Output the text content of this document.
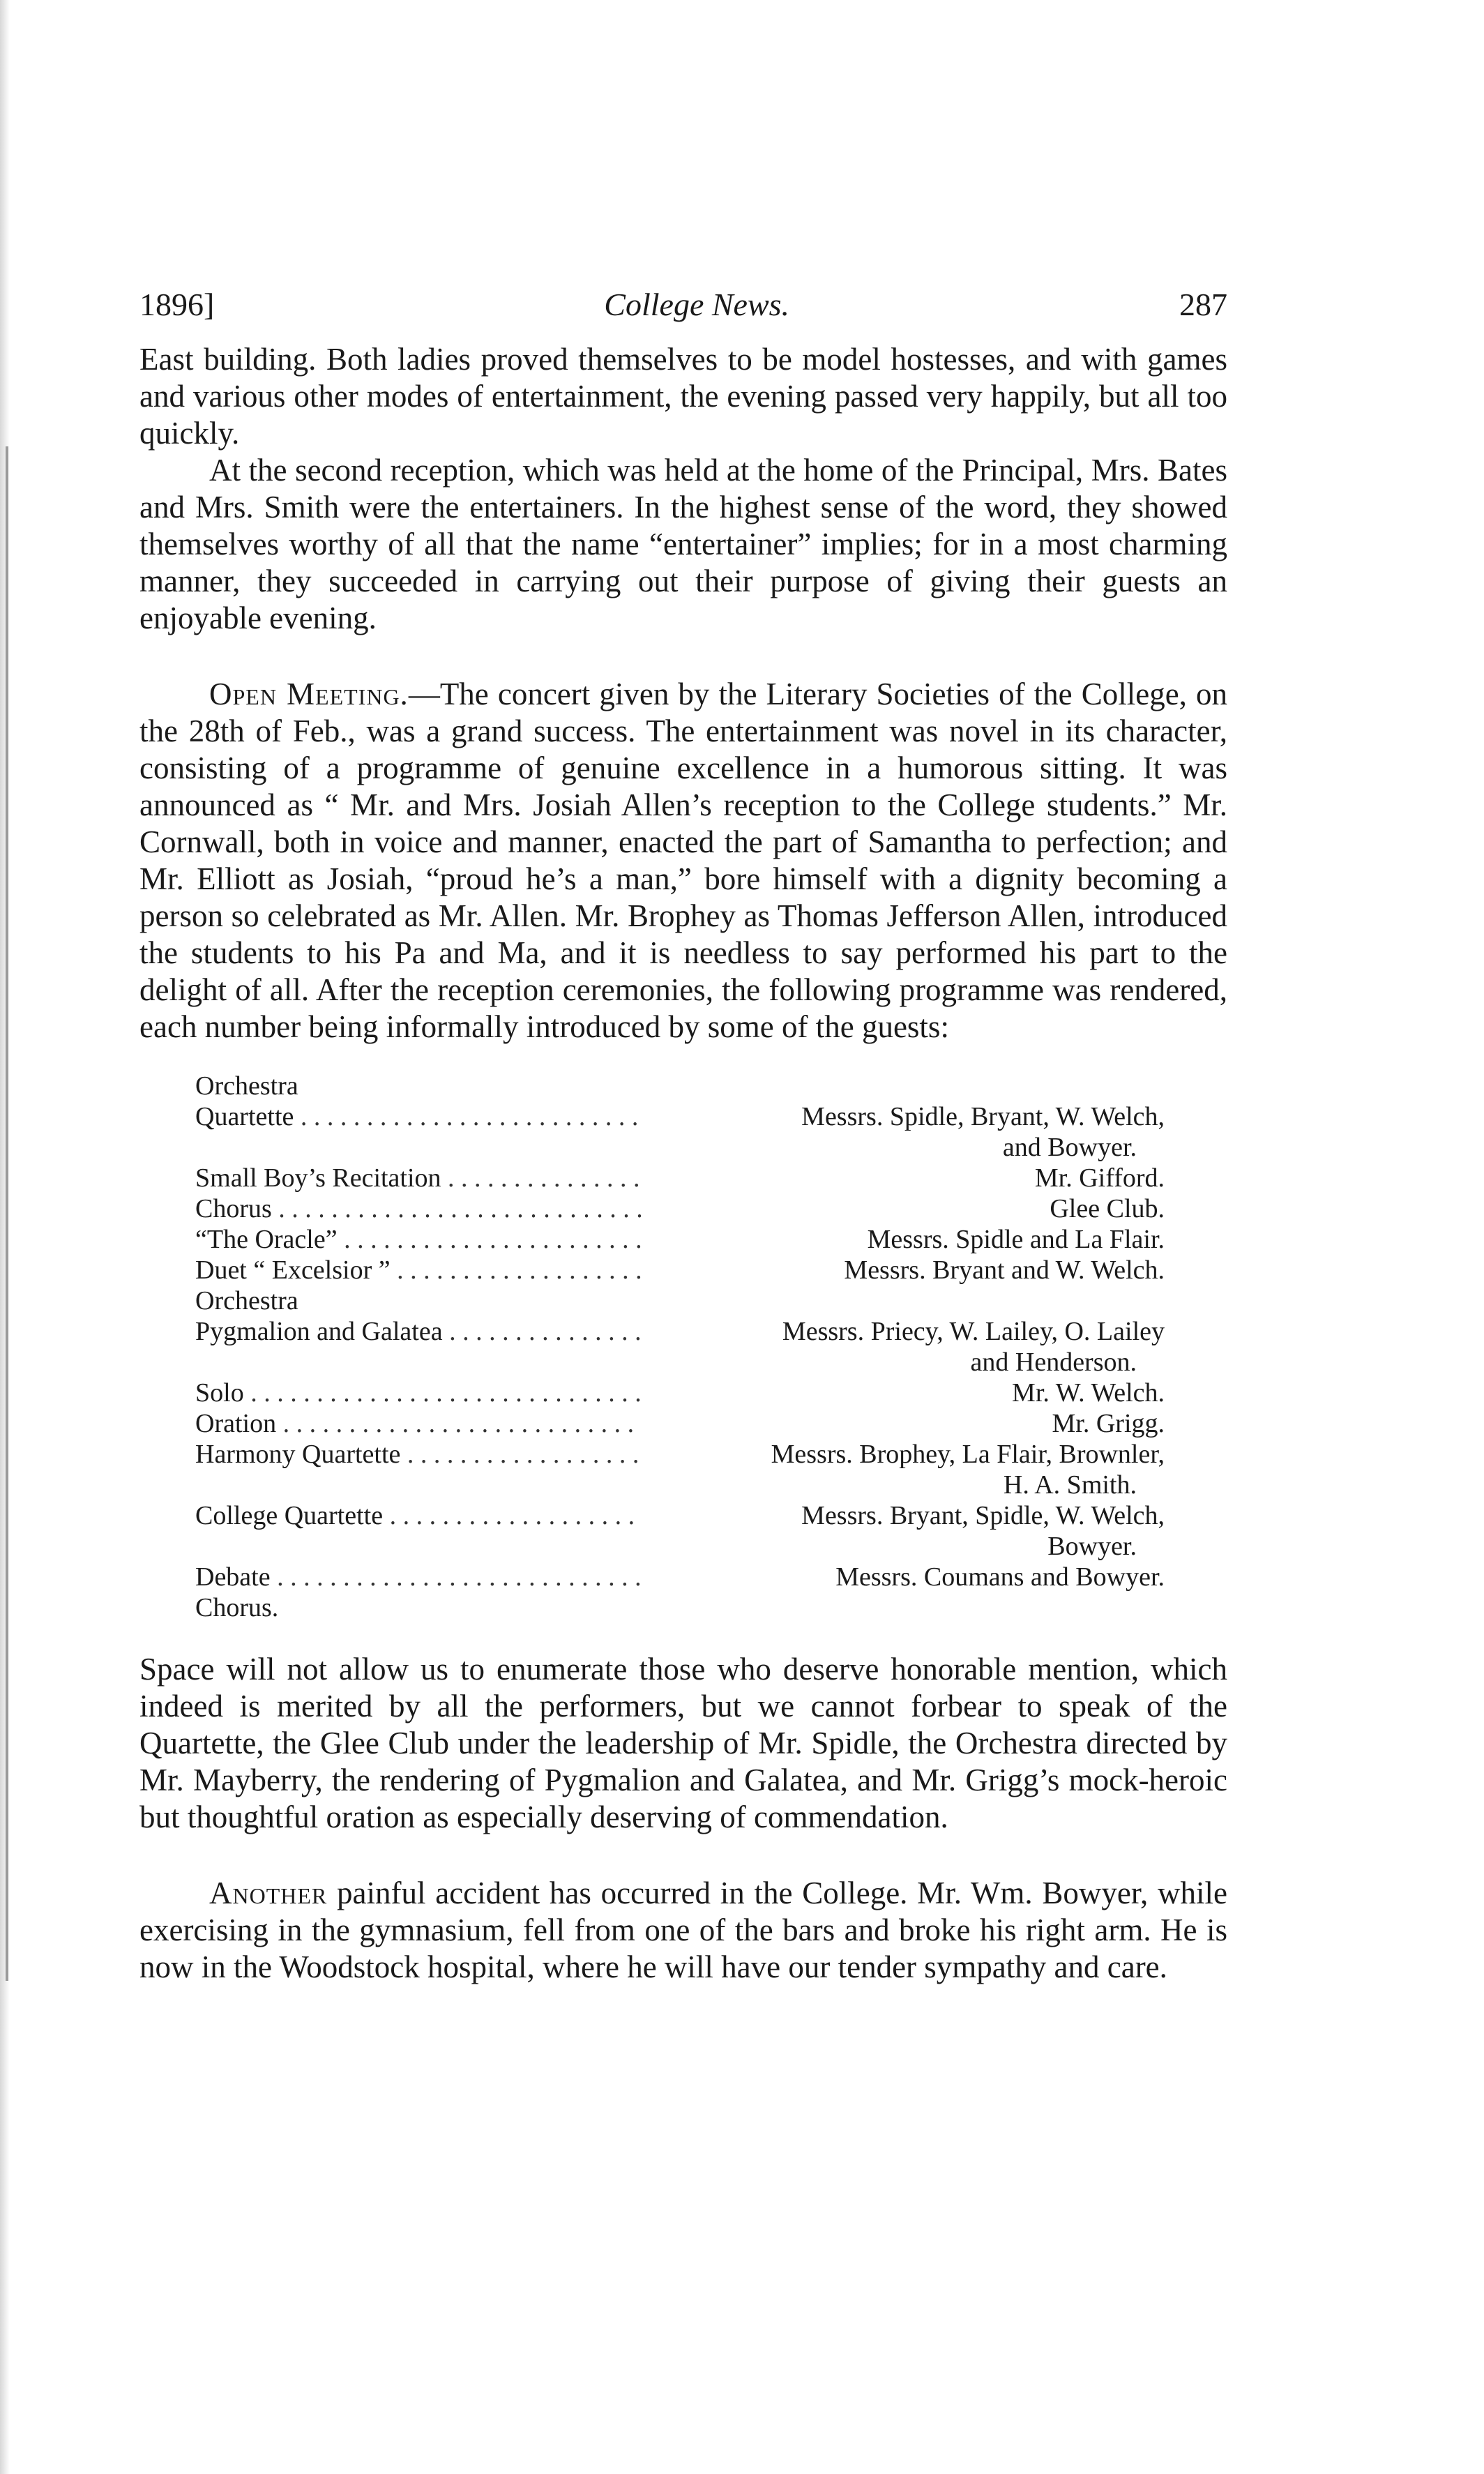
1896]	College News.	287

East building. Both ladies proved themselves to be model hostesses, and with games and various other modes of entertainment, the evening passed very happily, but all too quickly.

At the second reception, which was held at the home of the Principal, Mrs. Bates and Mrs. Smith were the entertainers. In the highest sense of the word, they showed themselves worthy of all that the name “entertainer” implies; for in a most charming manner, they succeeded in carrying out their purpose of giving their guests an enjoyable evening.

Open Meeting.—The concert given by the Literary Societies of the College, on the 28th of Feb., was a grand success. The entertainment was novel in its character, consisting of a programme of genuine excellence in a humorous sitting. It was announced as “ Mr. and Mrs. Josiah Allen’s reception to the College students.” Mr. Cornwall, both in voice and manner, enacted the part of Samantha to perfection; and Mr. Elliott as Josiah, “proud he’s a man,” bore himself with a dignity becoming a person so celebrated as Mr. Allen. Mr. Brophey as Thomas Jefferson Allen, introduced the students to his Pa and Ma, and it is needless to say performed his part to the delight of all. After the reception ceremonies, the following programme was rendered, each number being informally introduced by some of the guests:

Orchestra
Quartette . . .	Messrs. Spidle, Bryant, W. Welch,
and Bowyer.
Small Boy’s Recitation . . .	Mr. Gifford.
Chorus . . .	Glee Club.
“The Oracle” . . .	Messrs. Spidle and La Flair.
Duet “ Excelsior ” . . .	Messrs. Bryant and W. Welch.
Orchestra
Pygmalion and Galatea . . .	Messrs. Priecy, W. Lailey, O. Lailey
and Henderson.
Solo . . .	Mr. W. Welch.
Oration . . .	Mr. Grigg.
Harmony Quartette . . .	Messrs. Brophey, La Flair, Brownler,
H. A. Smith.
College Quartette . . .	Messrs. Bryant, Spidle, W. Welch,
Bowyer.
Debate . . .	Messrs. Coumans and Bowyer.
Chorus.

Space will not allow us to enumerate those who deserve honorable mention, which indeed is merited by all the performers, but we cannot forbear to speak of the Quartette, the Glee Club under the leadership of Mr. Spidle, the Orchestra directed by Mr. Mayberry, the rendering of Pygmalion and Galatea, and Mr. Grigg’s mock-heroic but thoughtful oration as especially deserving of commendation.

Another painful accident has occurred in the College. Mr. Wm. Bowyer, while exercising in the gymnasium, fell from one of the bars and broke his right arm. He is now in the Woodstock hospital, where he will have our tender sympathy and care.
